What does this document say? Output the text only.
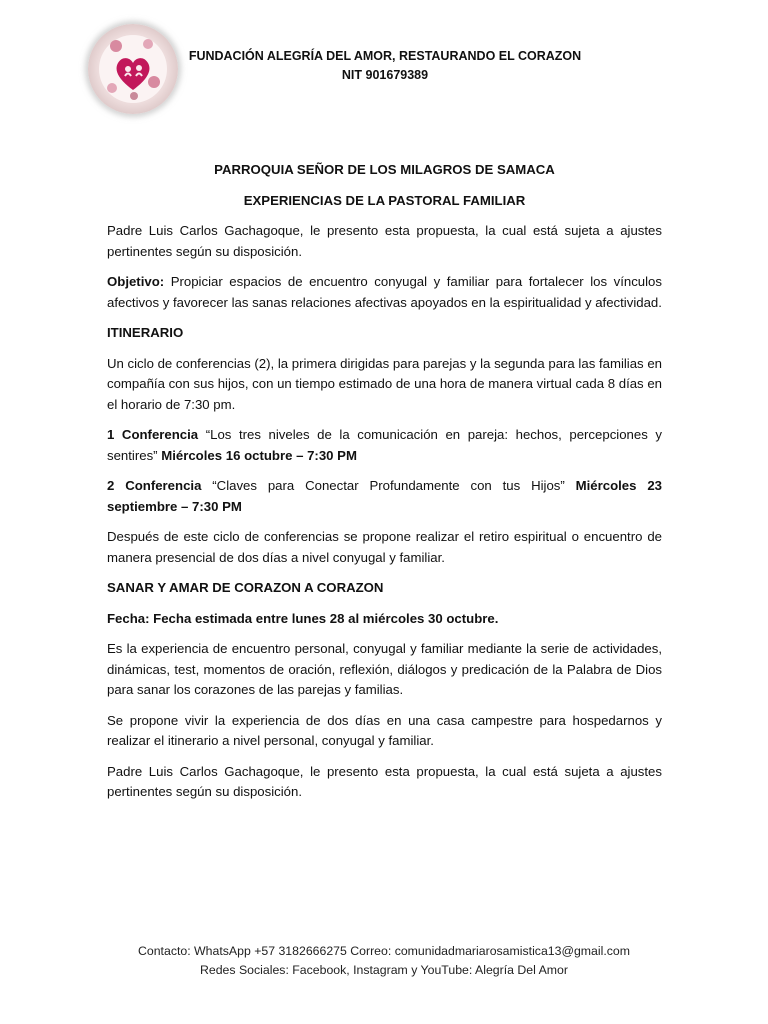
FUNDACIÓN ALEGRÍA DEL AMOR, RESTAURANDO EL CORAZON
NIT 901679389
PARROQUIA SEÑOR DE LOS MILAGROS DE SAMACA
EXPERIENCIAS DE LA PASTORAL FAMILIAR
Padre Luis Carlos Gachagoque, le presento esta propuesta, la cual está sujeta a ajustes pertinentes según su disposición.
Objetivo: Propiciar espacios de encuentro conyugal y familiar para fortalecer los vínculos afectivos y favorecer las sanas relaciones afectivas apoyados en la espiritualidad y afectividad.
ITINERARIO
Un ciclo de conferencias (2), la primera dirigidas para parejas y la segunda para las familias en compañía con sus hijos, con un tiempo estimado de una hora de manera virtual cada 8 días en el horario de 7:30 pm.
1 Conferencia “Los tres niveles de la comunicación en pareja: hechos, percepciones y sentires” Miércoles 16 octubre – 7:30 PM
2 Conferencia “Claves para Conectar Profundamente con tus Hijos” Miércoles 23 septiembre – 7:30 PM
Después de este ciclo de conferencias se propone realizar el retiro espiritual o encuentro de manera presencial de dos días a nivel conyugal y familiar.
SANAR Y AMAR DE CORAZON A CORAZON
Fecha: Fecha estimada entre lunes 28 al miércoles 30 octubre.
Es la experiencia de encuentro personal, conyugal y familiar mediante la serie de actividades, dinámicas, test, momentos de oración, reflexión, diálogos y predicación de la Palabra de Dios para sanar los corazones de las parejas y familias.
Se propone vivir la experiencia de dos días en una casa campestre para hospedarnos y realizar el itinerario a nivel personal, conyugal y familiar.
Padre Luis Carlos Gachagoque, le presento esta propuesta, la cual está sujeta a ajustes pertinentes según su disposición.
Contacto: WhatsApp +57 3182666275 Correo: comunidadmariarosamistica13@gmail.com
Redes Sociales: Facebook, Instagram y YouTube: Alegría Del Amor
